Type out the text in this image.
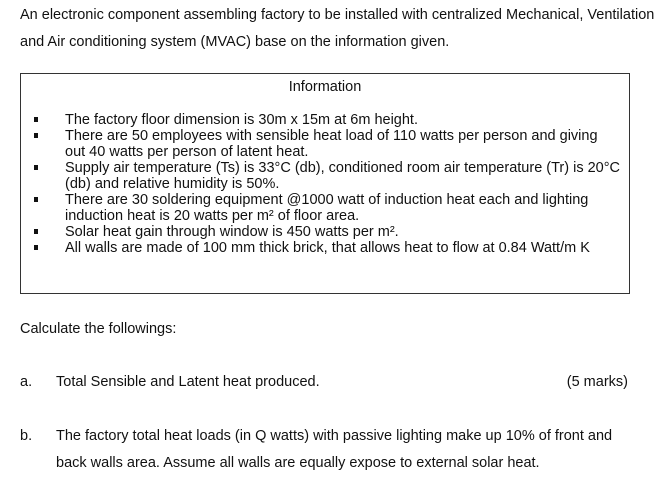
An electronic component assembling factory to be installed with centralized Mechanical, Ventilation and Air conditioning system (MVAC) base on the information given.

Information

The factory floor dimension is 30m x 15m at 6m height.
There are 50 employees with sensible heat load of 110 watts per person and giving out 40 watts per person of latent heat.
Supply air temperature (Ts) is 33°C (db), conditioned room air temperature (Tr) is 20°C (db) and relative humidity is 50%.
There are 30 soldering equipment @1000 watt of induction heat each and lighting induction heat is 20 watts per m² of floor area.
Solar heat gain through window is 450 watts per m².
All walls are made of 100 mm thick brick, that allows heat to flow at 0.84 Watt/m K

Calculate the followings:

a. Total Sensible and Latent heat produced.	(5 marks)
b. The factory total heat loads (in Q watts) with passive lighting make up 10% of front and back walls area. Assume all walls are equally expose to external solar heat.
